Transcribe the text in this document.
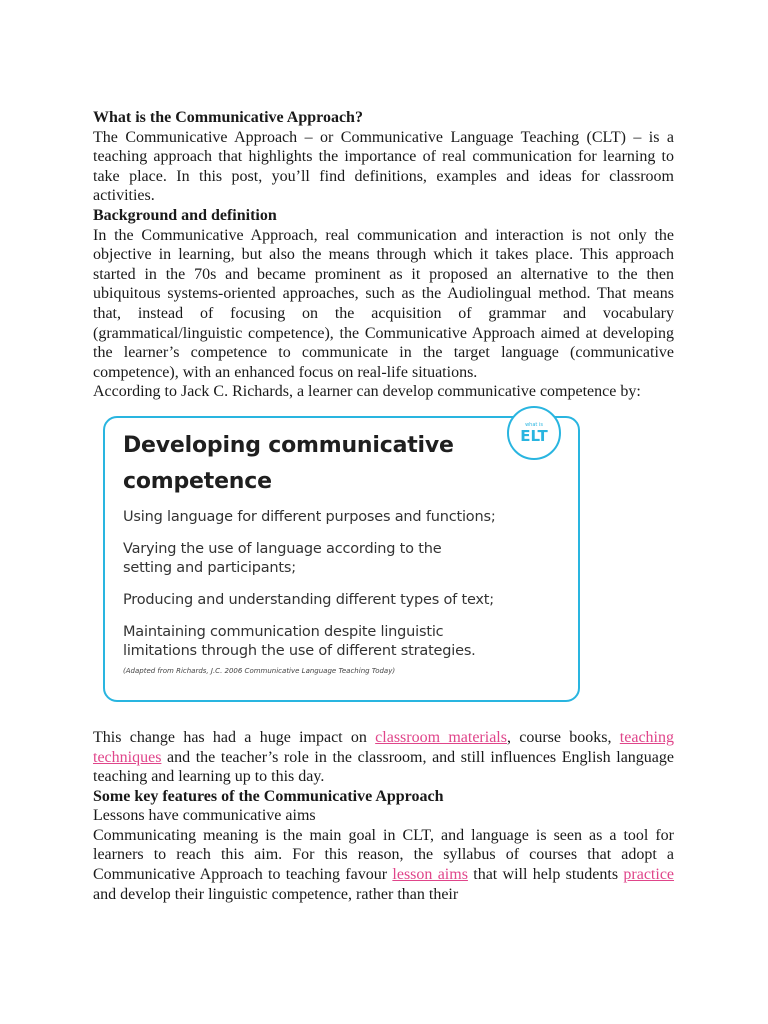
What is the Communicative Approach?

The Communicative Approach – or Communicative Language Teaching (CLT) – is a teaching approach that highlights the importance of real communication for learning to take place. In this post, you’ll find definitions, examples and ideas for classroom activities.

Background and definition

In the Communicative Approach, real communication and interaction is not only the objective in learning, but also the means through which it takes place. This approach started in the 70s and became prominent as it proposed an alternative to the then ubiquitous systems-oriented approaches, such as the Audiolingual method. That means that, instead of focusing on the acquisition of grammar and vocabulary (grammatical/linguistic competence), the Communicative Approach aimed at developing the learner’s competence to communicate in the target language (communicative competence), with an enhanced focus on real-life situations.

According to Jack C. Richards, a learner can develop communicative competence by:

Developing communicative
competence
Using language for different purposes and functions;
Varying the use of language according to the setting and participants;
Producing and understanding different types of text;
Maintaining communication despite linguistic limitations through the use of different strategies.
(Adapted from Richards, J.C. 2006 Communicative Language Teaching Today)
what is
ELT

This change has had a huge impact on classroom materials, course books, teaching techniques and the teacher’s role in the classroom, and still influences English language teaching and learning up to this day.

Some key features of the Communicative Approach

Lessons have communicative aims

Communicating meaning is the main goal in CLT, and language is seen as a tool for learners to reach this aim. For this reason, the syllabus of courses that adopt a Communicative Approach to teaching favour lesson aims that will help students practice and develop their linguistic competence, rather than their
